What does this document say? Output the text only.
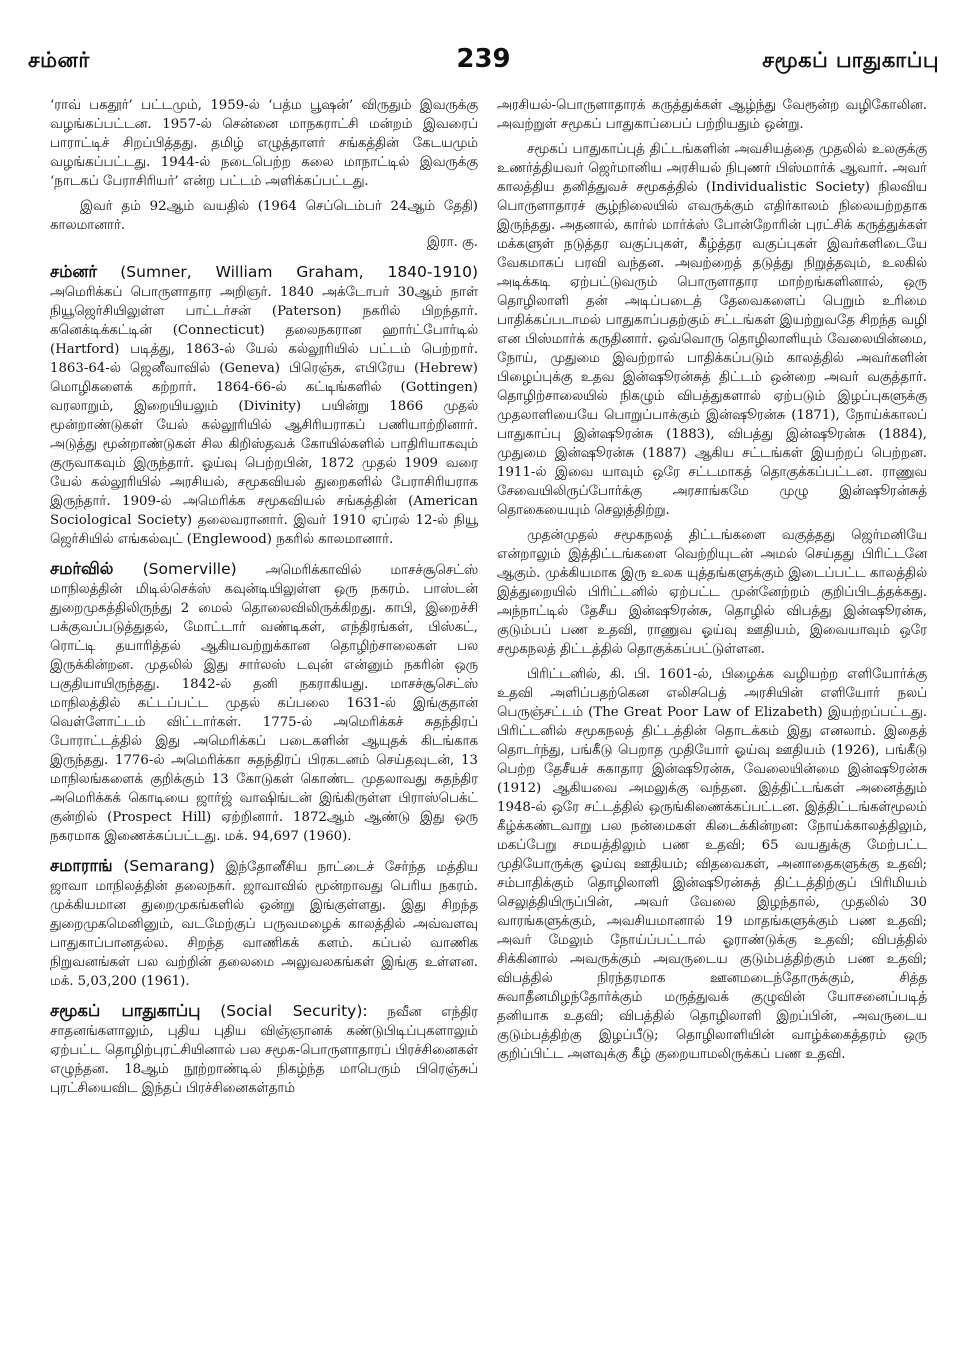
சம்னர்	239	சமூகப் பாதுகாப்பு

‘ராவ் பகதூர்’ பட்டமும், 1959-ல் ‘பத்ம பூஷன்’ விருதும் இவருக்கு வழங்கப்பட்டன. 1957-ல் சென்னை மாநகராட்சி மன்றம் இவரைப் பாராட்டிச் சிறப்பித்தது. தமிழ் எழுத்தாளர் சங்கத்தின் கேடயமும் வழங்கப்பட்டது. 1944-ல் நடைபெற்ற கலை மாநாட்டில் இவருக்கு ‘நாடகப் பேராசிரியர்’ என்ற பட்டம் அளிக்கப்பட்டது.

இவர் தம் 92ஆம் வயதில் (1964 செப்டெம்பர் 24ஆம் தேதி) காலமானார்.
இரா. கு.

சம்னர் (Sumner, William Graham, 1840-1910) அமெரிக்கப் பொருளாதார அறிஞர். 1840 அக்டோபர் 30ஆம் நாள் நியூஜெர்சியிலுள்ள பாட்டர்சன் (Paterson) நகரில் பிறந்தார். கனெக்டிக்கட்டின் (Connecticut) தலைநகரான ஹார்ட்போர்டில் (Hartford) படித்து, 1863-ல் யேல் கல்லூரியில் பட்டம் பெற்றார். 1863-64-ல் ஜெனீவாவில் (Geneva) பிரெஞ்சு, எபிரேய (Hebrew) மொழிகளைக் கற்றார். 1864-66-ல் கட்டிங்களில் (Gottingen) வரலாறும், இறையியலும் (Divinity) பயின்று 1866 முதல் மூன்றாண்டுகள் யேல் கல்லூரியில் ஆசிரியராகப் பணியாற்றினார். அடுத்து மூன்றாண்டுகள் சில கிறிஸ்தவக் கோயில்களில் பாதிரியாகவும் குருவாகவும் இருந்தார். ஓய்வு பெற்றபின், 1872 முதல் 1909 வரை யேல் கல்லூரியில் அரசியல், சமூகவியல் துறைகளில் பேராசிரியராக இருந்தார். 1909-ல் அமெரிக்க சமூகவியல் சங்கத்தின் (American Sociological Society) தலைவரானார். இவர் 1910 ஏப்ரல் 12-ல் நியூ ஜெர்சியில் எங்கல்வுட் (Englewood) நகரில் காலமானார்.
சமர்வில் (Somerville) அமெரிக்காவில் மாசச்சூசெட்ஸ் மாநிலத்தின் மிடில்செக்ஸ் கவுன்டியிலுள்ள ஒரு நகரம். பாஸ்டன் துறைமுகத்திலிருந்து 2 மைல் தொலைவிலிருக்கிறது. காபி, இறைச்சி பக்குவப்படுத்துதல், மோட்டார் வண்டிகள், எந்திரங்கள், பிஸ்கட், ரொட்டி தயாரித்தல் ஆகியவற்றுக்கான தொழிற்சாலைகள் பல இருக்கின்றன. முதலில் இது சார்லஸ் டவுன் என்னும் நகரின் ஒரு பகுதியாயிருந்தது. 1842-ல் தனி நகராகியது. மாசச்சூசெட்ஸ் மாநிலத்தில் கட்டப்பட்ட முதல் கப்பலை 1631-ல் இங்குதான் வெள்ளோட்டம் விட்டார்கள். 1775-ல் அமெரிக்கச் சுதந்திரப் போராட்டத்தில் இது அமெரிக்கப் படைகளின் ஆயுதக் கிடங்காக இருந்தது. 1776-ல் அமெரிக்கா சுதந்திரப் பிரகடனம் செய்தவுடன், 13 மாநிலங்களைக் குறிக்கும் 13 கோடுகள் கொண்ட முதலாவது சுதந்திர அமெரிக்கக் கொடியை ஜார்ஜ் வாஷிங்டன் இங்கிருள்ள பிராஸ்பெக்ட் குன்றில் (Prospect Hill) ஏற்றினார். 1872ஆம் ஆண்டு இது ஒரு நகரமாக இணைக்கப்பட்டது. மக். 94,697 (1960).
சமாராங் (Semarang) இந்தோனீசிய நாட்டைச் சேர்ந்த மத்திய ஜாவா மாநிலத்தின் தலைநகர். ஜாவாவில் மூன்றாவது பெரிய நகரம். முக்கியமான துறைமுகங்களில் ஒன்று இங்குள்ளது. இது சிறந்த துறைமுகமெனினும், வடமேற்குப் பருவமழைக் காலத்தில் அவ்வளவு பாதுகாப்பானதல்ல. சிறந்த வாணிகக் களம். கப்பல் வாணிக நிறுவனங்கள் பல வற்றின் தலைமை அலுவலகங்கள் இங்கு உள்ளன. மக். 5,03,200 (1961).
சமூகப் பாதுகாப்பு (Social Security): நவீன எந்திர சாதனங்களாலும், புதிய புதிய விஞ்ஞானக் கண்டுபிடிப்புகளாலும் ஏற்பட்ட தொழிற்புரட்சியினால் பல சமூக-பொருளாதாரப் பிரச்சினைகள் எழுந்தன. 18ஆம் நூற்றாண்டில் நிகழ்ந்த மாபெரும் பிரெஞ்சுப் புரட்சியைவிட இந்தப் பிரச்சினைகள்தாம்

அரசியல்-பொருளாதாரக் கருத்துக்கள் ஆழ்ந்து வேரூன்ற வழிகோலின. அவற்றுள் சமூகப் பாதுகாப்பைப் பற்றியதும் ஒன்று.

சமூகப் பாதுகாப்புத் திட்டங்களின் அவசியத்தை முதலில் உலகுக்கு உணர்த்தியவர் ஜெர்மானிய அரசியல் நிபுணர் பிஸ்மார்க் ஆவார். அவர் காலத்திய தனித்துவச் சமூகத்தில் (Individualistic Society) நிலவிய பொருளாதாரச் சூழ்நிலையில் எவருக்கும் எதிர்காலம் நிலையற்றதாக இருந்தது. அதனால், கார்ல் மார்க்ஸ் போன்றோரின் புரட்சிக் கருத்துக்கள் மக்களுள் நடுத்தர வகுப்புகள், கீழ்த்தர வகுப்புகள் இவர்களிடையே வேகமாகப் பரவி வந்தன. அவற்றைத் தடுத்து நிறுத்தவும், உலகில் அடிக்கடி ஏற்பட்டுவரும் பொருளாதார மாற்றங்களினால், ஒரு தொழிலாளி தன் அடிப்படைத் தேவைகளைப் பெறும் உரிமை பாதிக்கப்படாமல் பாதுகாப்பதற்கும் சட்டங்கள் இயற்றுவதே சிறந்த வழி என பிஸ்மார்க் கருதினார். ஒவ்வொரு தொழிலாளியும் வேலையின்மை, நோய், முதுமை இவற்றால் பாதிக்கப்படும் காலத்தில் அவர்களின் பிழைப்புக்கு உதவ இன்ஷூரன்சுத் திட்டம் ஒன்றை அவர் வகுத்தார். தொழிற்சாலையில் நிகழும் விபத்துகளால் ஏற்படும் இழப்புகளுக்கு முதலாளியையே பொறுப்பாக்கும் இன்ஷூரன்சு (1871), நோய்க்காலப் பாதுகாப்பு இன்ஷூரன்சு (1883), விபத்து இன்ஷூரன்சு (1884), முதுமை இன்ஷூரன்சு (1887) ஆகிய சட்டங்கள் இயற்றப் பெற்றன. 1911-ல் இவை யாவும் ஒரே சட்டமாகத் தொகுக்கப்பட்டன. ராணுவ சேவையிலிருப்போர்க்கு அரசாங்கமே முழு இன்ஷூரன்சுத் தொகையையும் செலுத்திற்று.

முதன்முதல் சமூகநலத் திட்டங்களை வகுத்தது ஜெர்மனியே என்றாலும் இத்திட்டங்களை வெற்றியுடன் அமல் செய்தது பிரிட்டனே ஆகும். முக்கியமாக இரு உலக யுத்தங்களுக்கும் இடைப்பட்ட காலத்தில் இத்துறையில் பிரிட்டனில் ஏற்பட்ட முன்னேற்றம் குறிப்பிடத்தக்கது. அந்நாட்டில் தேசீய இன்ஷூரன்சு, தொழில் விபத்து இன்ஷூரன்சு, குடும்பப் பண உதவி, ராணுவ ஓய்வு ஊதியம், இவையாவும் ஒரே சமூகநலத் திட்டத்தில் தொகுக்கப்பட்டுள்ளன.

பிரிட்டனில், கி. பி. 1601-ல், பிழைக்க வழியற்ற எளியோர்க்கு உதவி அளிப்பதற்கென எலிசபெத் அரசியின் எளியோர் நலப் பெருஞ்சட்டம் (The Great Poor Law of Elizabeth) இயற்றப்பட்டது. பிரிட்டனில் சமூகநலத் திட்டத்தின் தொடக்கம் இது எனலாம். இதைத் தொடர்ந்து, பங்கீடு பெறாத முதியோர் ஓய்வு ஊதியம் (1926), பங்கீடு பெற்ற தேசீயச் சுகாதார இன்ஷூரன்சு, வேலையின்மை இன்ஷூரன்சு (1912) ஆகியவை அமலுக்கு வந்தன. இத்திட்டங்கள் அனைத்தும் 1948-ல் ஒரே சட்டத்தில் ஒருங்கிணைக்கப்பட்டன. இத்திட்டங்கள்மூலம் கீழ்க்கண்டவாறு பல நன்மைகள் கிடைக்கின்றன: நோய்க்காலத்திலும், மகப்பேறு சமயத்திலும் பண உதவி; 65 வயதுக்கு மேற்பட்ட முதியோருக்கு ஓய்வு ஊதியம்; விதவைகள், அனாதைகளுக்கு உதவி; சம்பாதிக்கும் தொழிலாளி இன்ஷூரன்சுத் திட்டத்திற்குப் பிரிமியம் செலுத்தியிருப்பின், அவர் வேலை இழந்தால், முதலில் 30 வாரங்களுக்கும், அவசியமானால் 19 மாதங்களுக்கும் பண உதவி; அவர் மேலும் நோய்ப்பட்டால் ஓராண்டுக்கு உதவி; விபத்தில் சிக்கினால் அவருக்கும் அவருடைய குடும்பத்திற்கும் பண உதவி; விபத்தில் நிரந்தரமாக ஊனமடைந்தோருக்கும், சித்த சுவாதீனமிழந்தோர்க்கும் மருத்துவக் குழுவின் யோசனைப்படித் தனியாக உதவி; விபத்தில் தொழிலாளி இறப்பின், அவருடைய குடும்பத்திற்கு இழப்பீடு; தொழிலாளியின் வாழ்க்கைத்தரம் ஒரு குறிப்பிட்ட அளவுக்கு கீழ் குறையாமலிருக்கப் பண உதவி.
